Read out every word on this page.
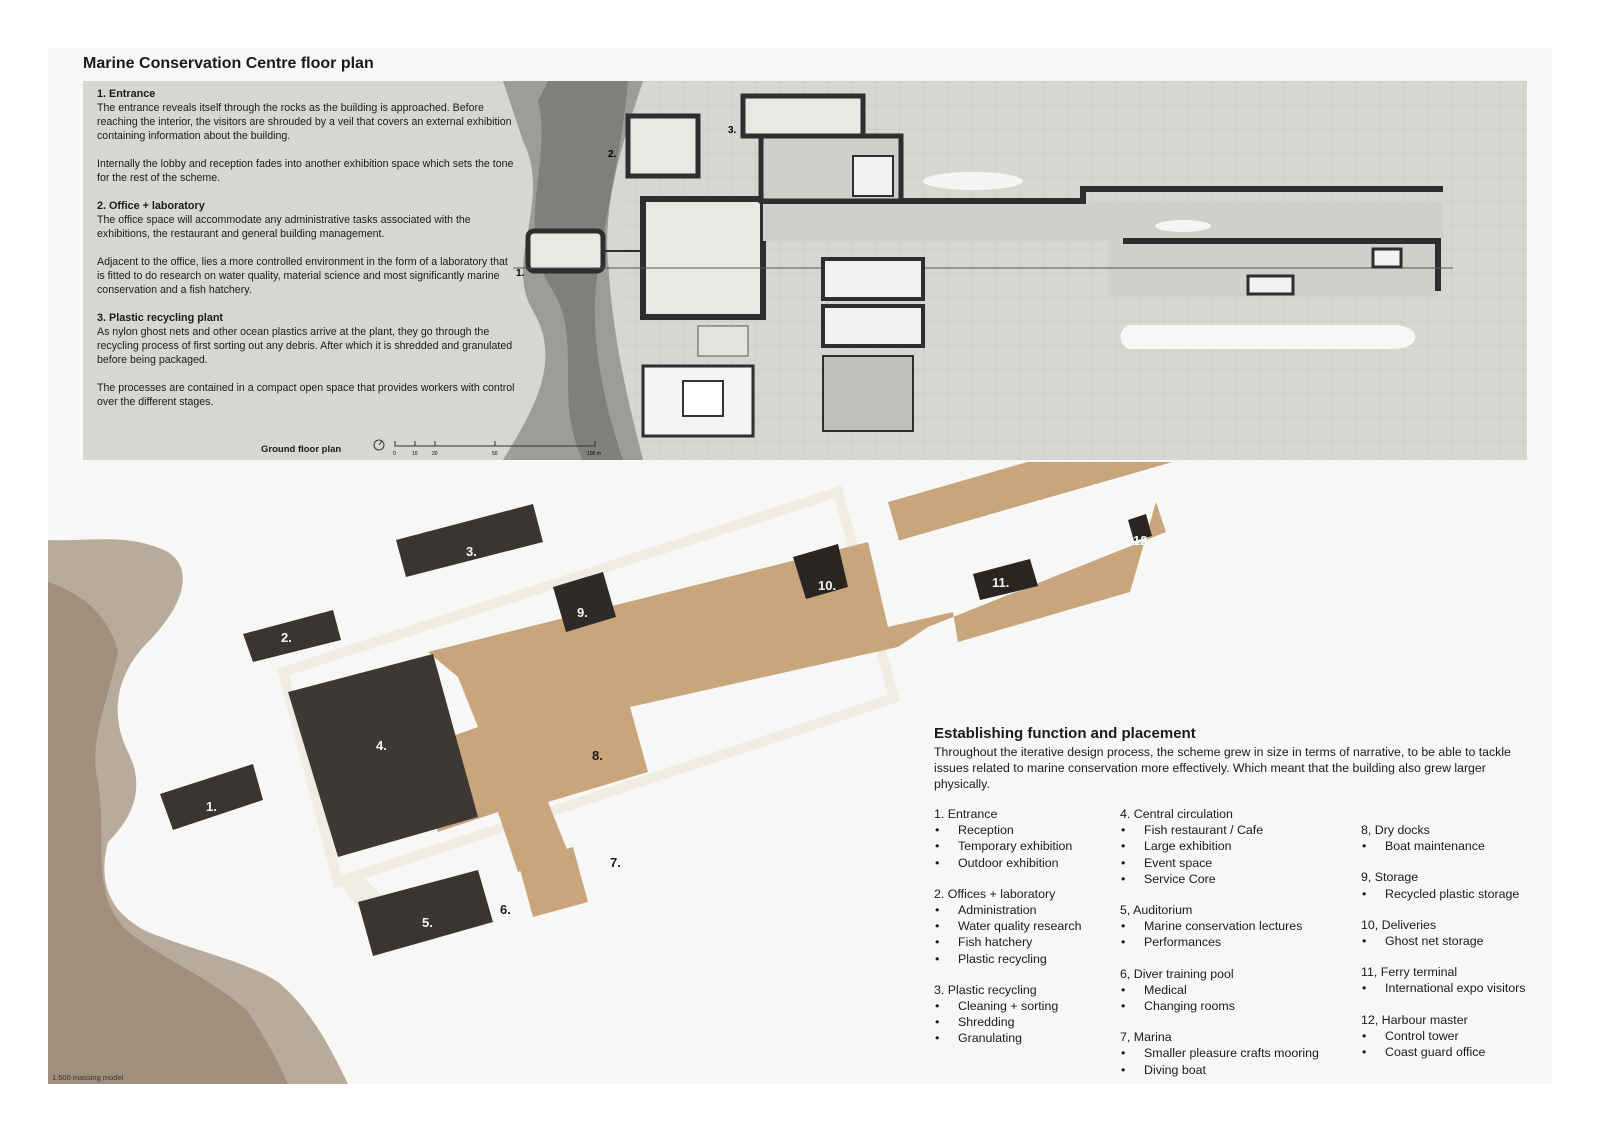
Marine Conservation Centre floor plan
1.
2.
3.
1. Entrance

The entrance reveals itself through the rocks as the building is approached. Before reaching the interior, the visitors are shrouded by a veil that covers an external exhibition containing information about the building.

Internally the lobby and reception fades into another exhibition space which sets the tone for the rest of the scheme.

2. Office + laboratory

The office space will accommodate any administrative tasks associated with the exhibitions, the restaurant and general building management.

Adjacent to the office, lies a more controlled environment in the form of a laboratory that is fitted to do research on water quality, material science and most significantly marine conservation and a fish hatchery.

3. Plastic recycling plant

As nylon ghost nets and other ocean plastics arrive at the plant, they go through the recycling process of first sorting out any debris. After which it is shredded and granulated before being packaged.

The processes are contained in a compact open space that provides workers with control over the different stages.

Ground floor plan	0	10	20	50	100 m
1.
2.
3.
4.
5.
6.
7.
8.
9.
10.	11.
12.
1:500 massing model
Establishing function and placement

Throughout the iterative design process, the scheme grew in size in terms of narrative, to be able to tackle issues related to marine conservation more effectively. Which meant that the building also grew larger physically.

1. Entrance
• Reception
• Temporary exhibition
• Outdoor exhibition
2. Offices + laboratory
• Administration
• Water quality research
• Fish hatchery
• Plastic recycling
3. Plastic recycling
• Cleaning + sorting
• Shredding
• Granulating
4. Central circulation
• Fish restaurant / Cafe
• Large exhibition
• Event space
• Service Core
5, Auditorium
• Marine conservation lectures
• Performances
6, Diver training pool
• Medical
• Changing rooms
7, Marina
• Smaller pleasure crafts mooring
• Diving boat
8, Dry docks
• Boat maintenance
9, Storage
• Recycled plastic storage
10, Deliveries
• Ghost net storage
11, Ferry terminal
• International expo visitors
12, Harbour master
• Control tower
• Coast guard office
